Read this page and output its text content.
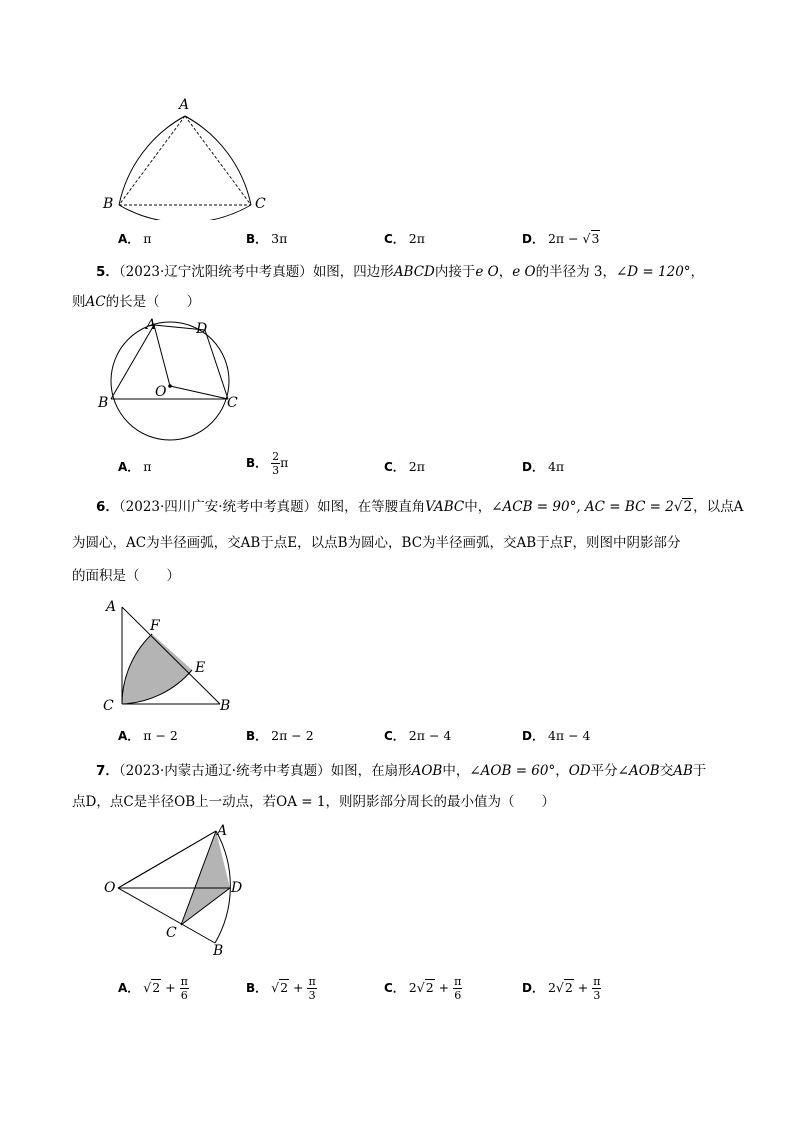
A
B	C
A． π	B． 3π	C． 2π	D． 2π − √3
5．（2023·辽宁沈阳统考中考真题）如图，四边形ABCD内接于e O，e O的半径为 3，∠D = 120°，
则AC的长是（　　）
A	D
B
O
C
A． π	B． $\frac{2}{3}$ π	C． 2π	D． 4π
6．（2023·四川广安·统考中考真题）如图，在等腰直角VABC中，∠ACB = 90°, AC = BC = 2√2，以点A
为圆心，AC为半径画弧，交AB于点E，以点B为圆心，BC为半径画弧，交AB于点F，则图中阴影部分
的面积是（　　）
A
F
E
C	B
A． π − 2	B． 2π − 2	C． 2π − 4	D． 4π − 4
7．（2023·内蒙古通辽·统考中考真题）如图，在扇形AOB中，∠AOB = 60°，OD平分∠AOB交AB于
点D，点C是半径OB上一动点，若OA = 1，则阴影部分周长的最小值为（　　）
A
O	D
C
B
A． $√2 + \frac{\pi}{6}$	B． $√2 + \frac{\pi}{3}$	C． $2√2 + \frac{\pi}{6}$	D． $2√2 + \frac{\pi}{3}$
